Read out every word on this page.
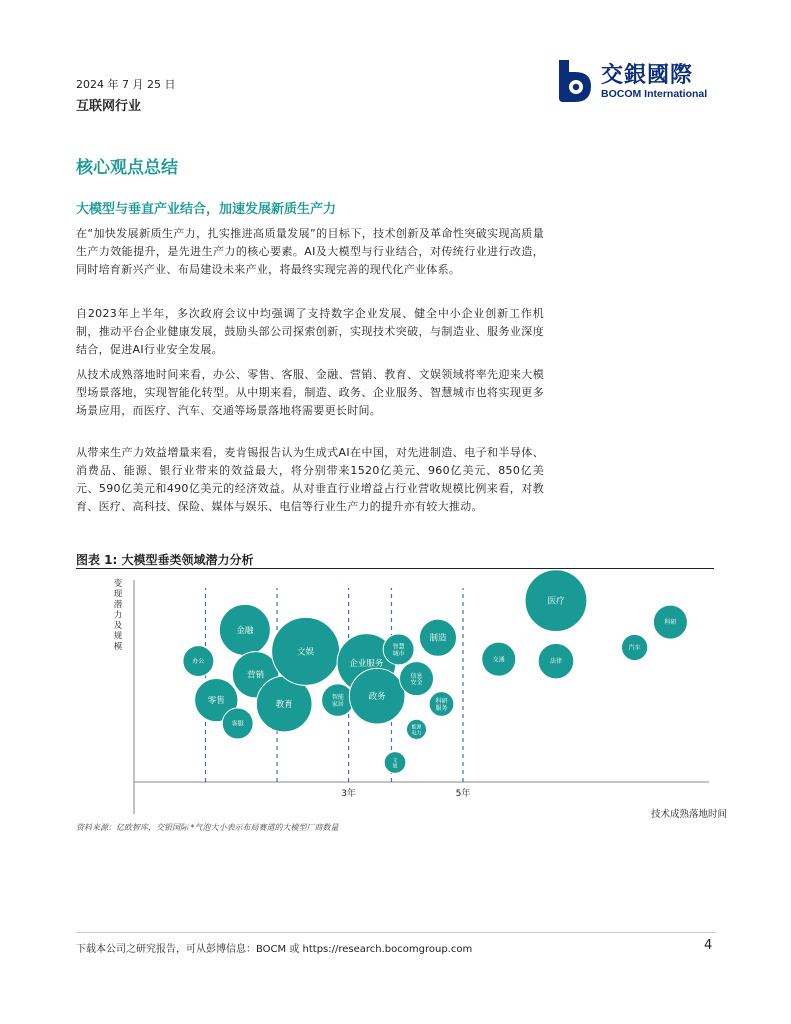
2024 年 7 月 25 日
互联网行业
交銀國際
BOCOM International
核心观点总结
大模型与垂直产业结合，加速发展新质生产力
在“加快发展新质生产力，扎实推进高质量发展”的目标下，技术创新及革命性突破实现高质量生产力效能提升，是先进生产力的核心要素。AI及大模型与行业结合，对传统行业进行改造，同时培育新兴产业、布局建设未来产业，将最终实现完善的现代化产业体系。
自2023年上半年，多次政府会议中均强调了支持数字企业发展、健全中小企业创新工作机制，推动平台企业健康发展，鼓励头部公司探索创新，实现技术突破，与制造业、服务业深度结合，促进AI行业安全发展。
从技术成熟落地时间来看，办公、零售、客服、金融、营销、教育、文娱领域将率先迎来大模型场景落地，实现智能化转型。从中期来看，制造、政务、企业服务、智慧城市也将实现更多场景应用，而医疗、汽车、交通等场景落地将需要更长时间。
从带来生产力效益增量来看，麦肯锡报告认为生成式AI在中国，对先进制造、电子和半导体、消费品、能源、银行业带来的效益最大，将分别带来1520亿美元、960亿美元、850亿美元、590亿美元和490亿美元的经济效益。从对垂直行业增益占行业营收规模比例来看，对教育、医疗、高科技、保险、媒体与娱乐、电信等行业生产力的提升亦有较大推动。
图表 1: 大模型垂类领域潜力分析
3年	5年
技术成熟落地时间
变现潜力及规模
办公
零售
客服
金融
营销
教育
文娱
智能家居
企业服务
政务
智慧城市
文旅
信息安全
能源电力
制造
科研服务
交通
医疗
法律
汽车
科研
资料来源：亿欧智库，交银国际 *气泡大小表示布局赛道的大模型厂商数量
下载本公司之研究报告，可从彭博信息：BOCM 或 https://research.bocomgroup.com	4
